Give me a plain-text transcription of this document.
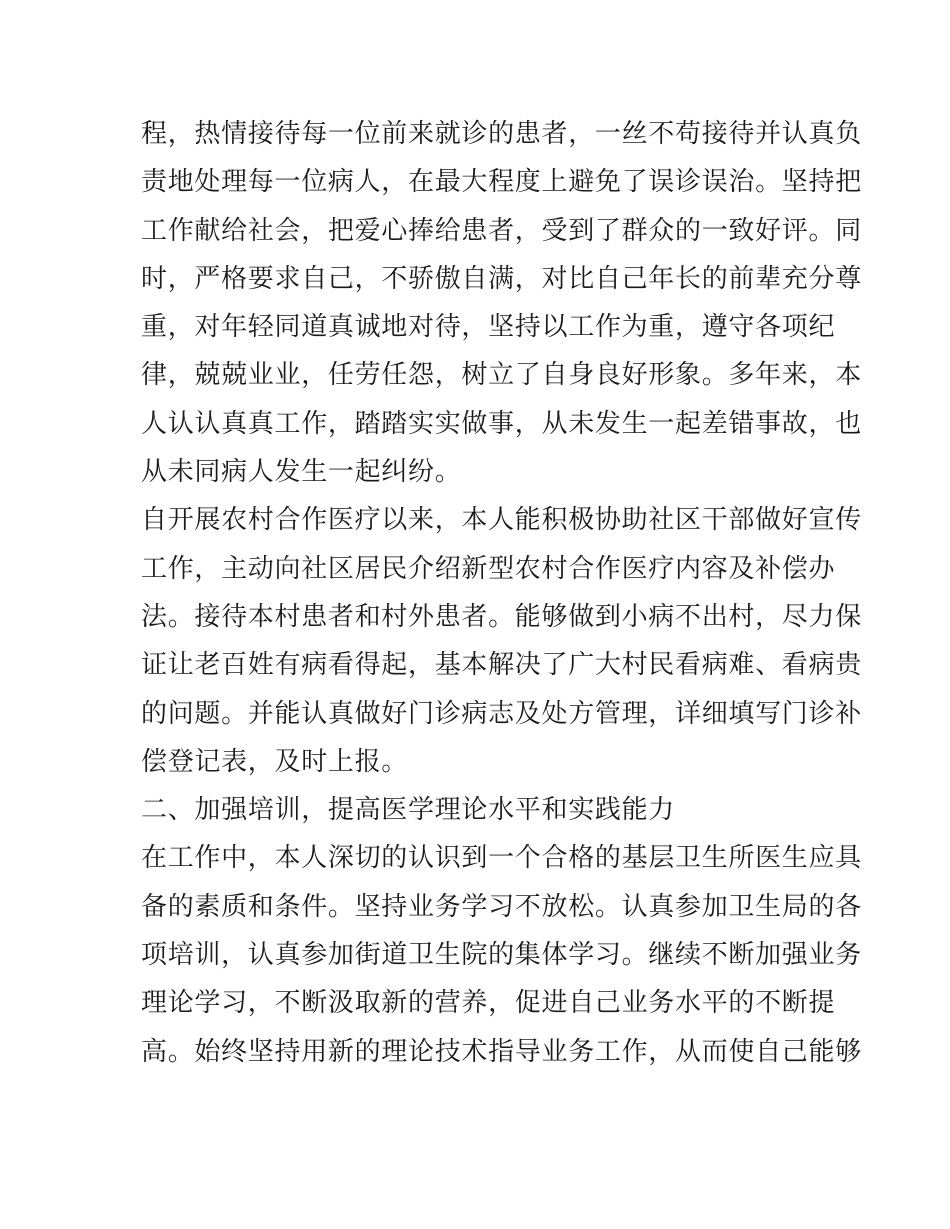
程，热情接待每一位前来就诊的患者，一丝不苟接待并认真负
责地处理每一位病人，在最大程度上避免了误诊误治。坚持把
工作献给社会，把爱心捧给患者，受到了群众的一致好评。同
时，严格要求自己，不骄傲自满，对比自己年长的前辈充分尊
重，对年轻同道真诚地对待，坚持以工作为重，遵守各项纪
律，兢兢业业，任劳任怨，树立了自身良好形象。多年来，本
人认认真真工作，踏踏实实做事，从未发生一起差错事故，也
从未同病人发生一起纠纷。
自开展农村合作医疗以来，本人能积极协助社区干部做好宣传
工作，主动向社区居民介绍新型农村合作医疗内容及补偿办
法。接待本村患者和村外患者。能够做到小病不出村，尽力保
证让老百姓有病看得起，基本解决了广大村民看病难、看病贵
的问题。并能认真做好门诊病志及处方管理，详细填写门诊补
偿登记表，及时上报。
二、加强培训，提高医学理论水平和实践能力
在工作中，本人深切的认识到一个合格的基层卫生所医生应具
备的素质和条件。坚持业务学习不放松。认真参加卫生局的各
项培训，认真参加街道卫生院的集体学习。继续不断加强业务
理论学习，不断汲取新的营养，促进自己业务水平的不断提
高。始终坚持用新的理论技术指导业务工作，从而使自己能够
